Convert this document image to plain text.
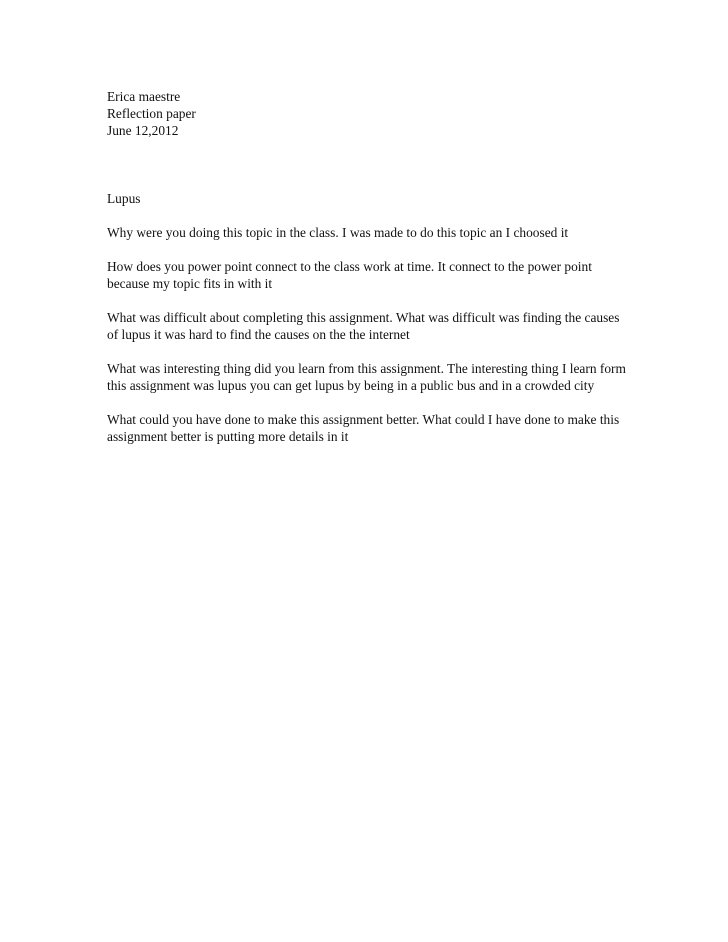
Erica maestre
Reflection paper
June 12,2012
Lupus
Why were you doing this topic in the class. I was made to do this topic an I choosed it
How does you power point connect to the class work at time. It connect to the power point because my topic fits in with it
What was difficult about completing this assignment. What was difficult was finding the causes of lupus it was hard to find the causes on the the internet
What was interesting thing did you learn from this assignment. The interesting thing I learn form this assignment was lupus you can get lupus by being in a public bus and in a crowded city
What could you have done to make this assignment better. What could I have done to make this assignment better is putting more details in it
